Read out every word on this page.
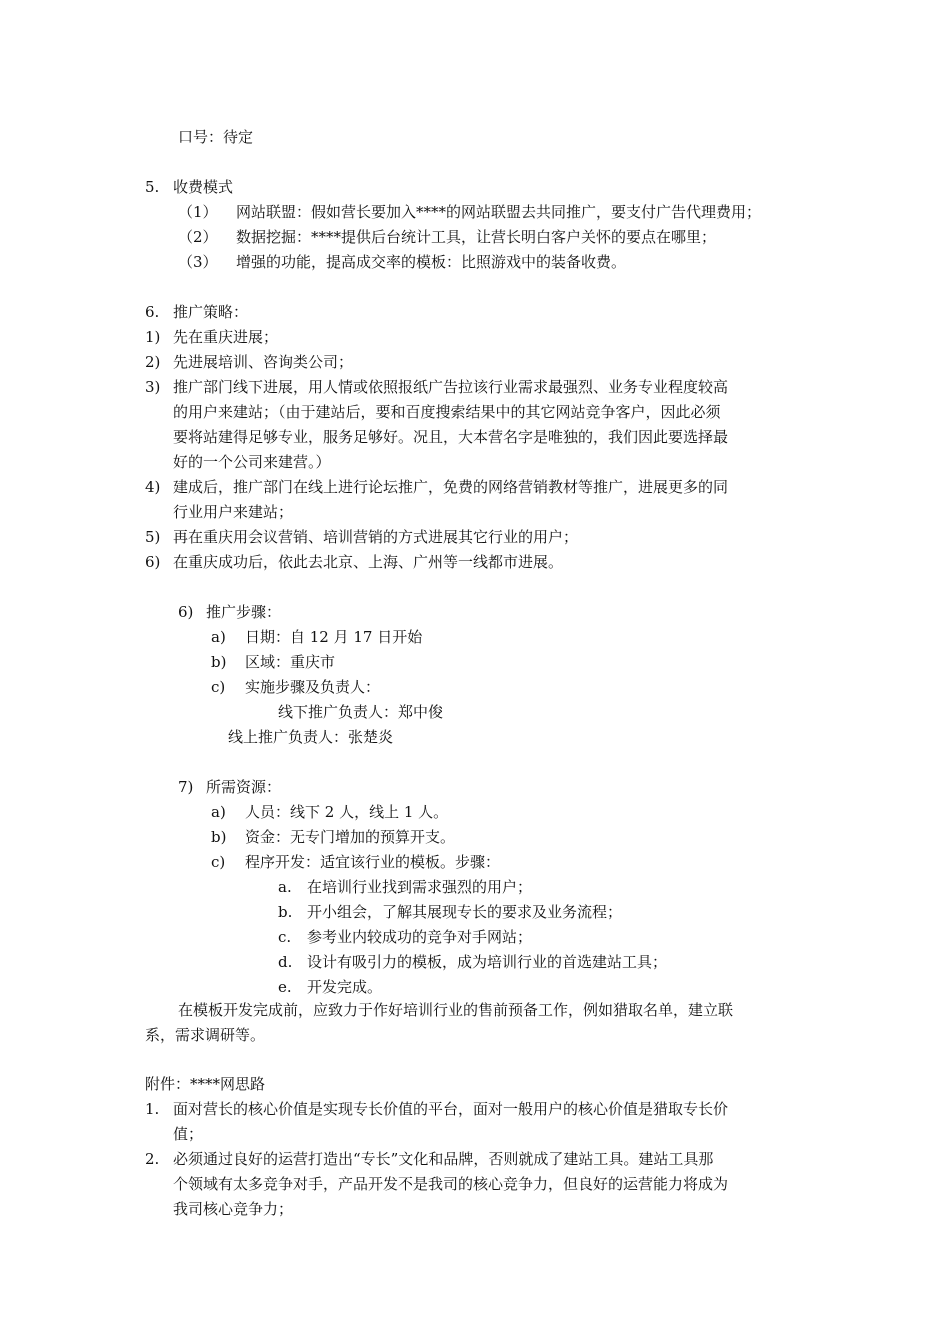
口号：待定
5. 收费模式
（1） 网站联盟：假如营长要加入****的网站联盟去共同推广，要支付广告代理费用；
（2） 数据挖掘：****提供后台统计工具，让营长明白客户关怀的要点在哪里；
（3） 增强的功能，提高成交率的模板：比照游戏中的装备收费。
6. 推广策略：
1) 先在重庆进展；
2) 先进展培训、咨询类公司；
3) 推广部门线下进展，用人情或依照报纸广告拉该行业需求最强烈、业务专业程度较高
的用户来建站；（由于建站后，要和百度搜索结果中的其它网站竞争客户，因此必须
要将站建得足够专业，服务足够好。况且，大本营名字是唯独的，我们因此要选择最
好的一个公司来建营。）
4) 建成后，推广部门在线上进行论坛推广，免费的网络营销教材等推广，进展更多的同
行业用户来建站；
5) 再在重庆用会议营销、培训营销的方式进展其它行业的用户；
6) 在重庆成功后，依此去北京、上海、广州等一线都市进展。
6) 推广步骤：
a) 日期：自 12 月 17 日开始
b) 区域：重庆市
c) 实施步骤及负责人：
线下推广负责人：郑中俊
线上推广负责人：张楚炎
7) 所需资源：
a) 人员：线下 2 人，线上 1 人。
b) 资金：无专门增加的预算开支。
c) 程序开发：适宜该行业的模板。步骤：
a. 在培训行业找到需求强烈的用户；
b. 开小组会，了解其展现专长的要求及业务流程；
c. 参考业内较成功的竞争对手网站；
d. 设计有吸引力的模板，成为培训行业的首选建站工具；
e. 开发完成。
在模板开发完成前，应致力于作好培训行业的售前预备工作，例如猎取名单，建立联
系，需求调研等。
附件：****网思路
1. 面对营长的核心价值是实现专长价值的平台，面对一般用户的核心价值是猎取专长价
值；
2. 必须通过良好的运营打造出“专长”文化和品牌，否则就成了建站工具。建站工具那
个领域有太多竞争对手，产品开发不是我司的核心竞争力，但良好的运营能力将成为
我司核心竞争力；
